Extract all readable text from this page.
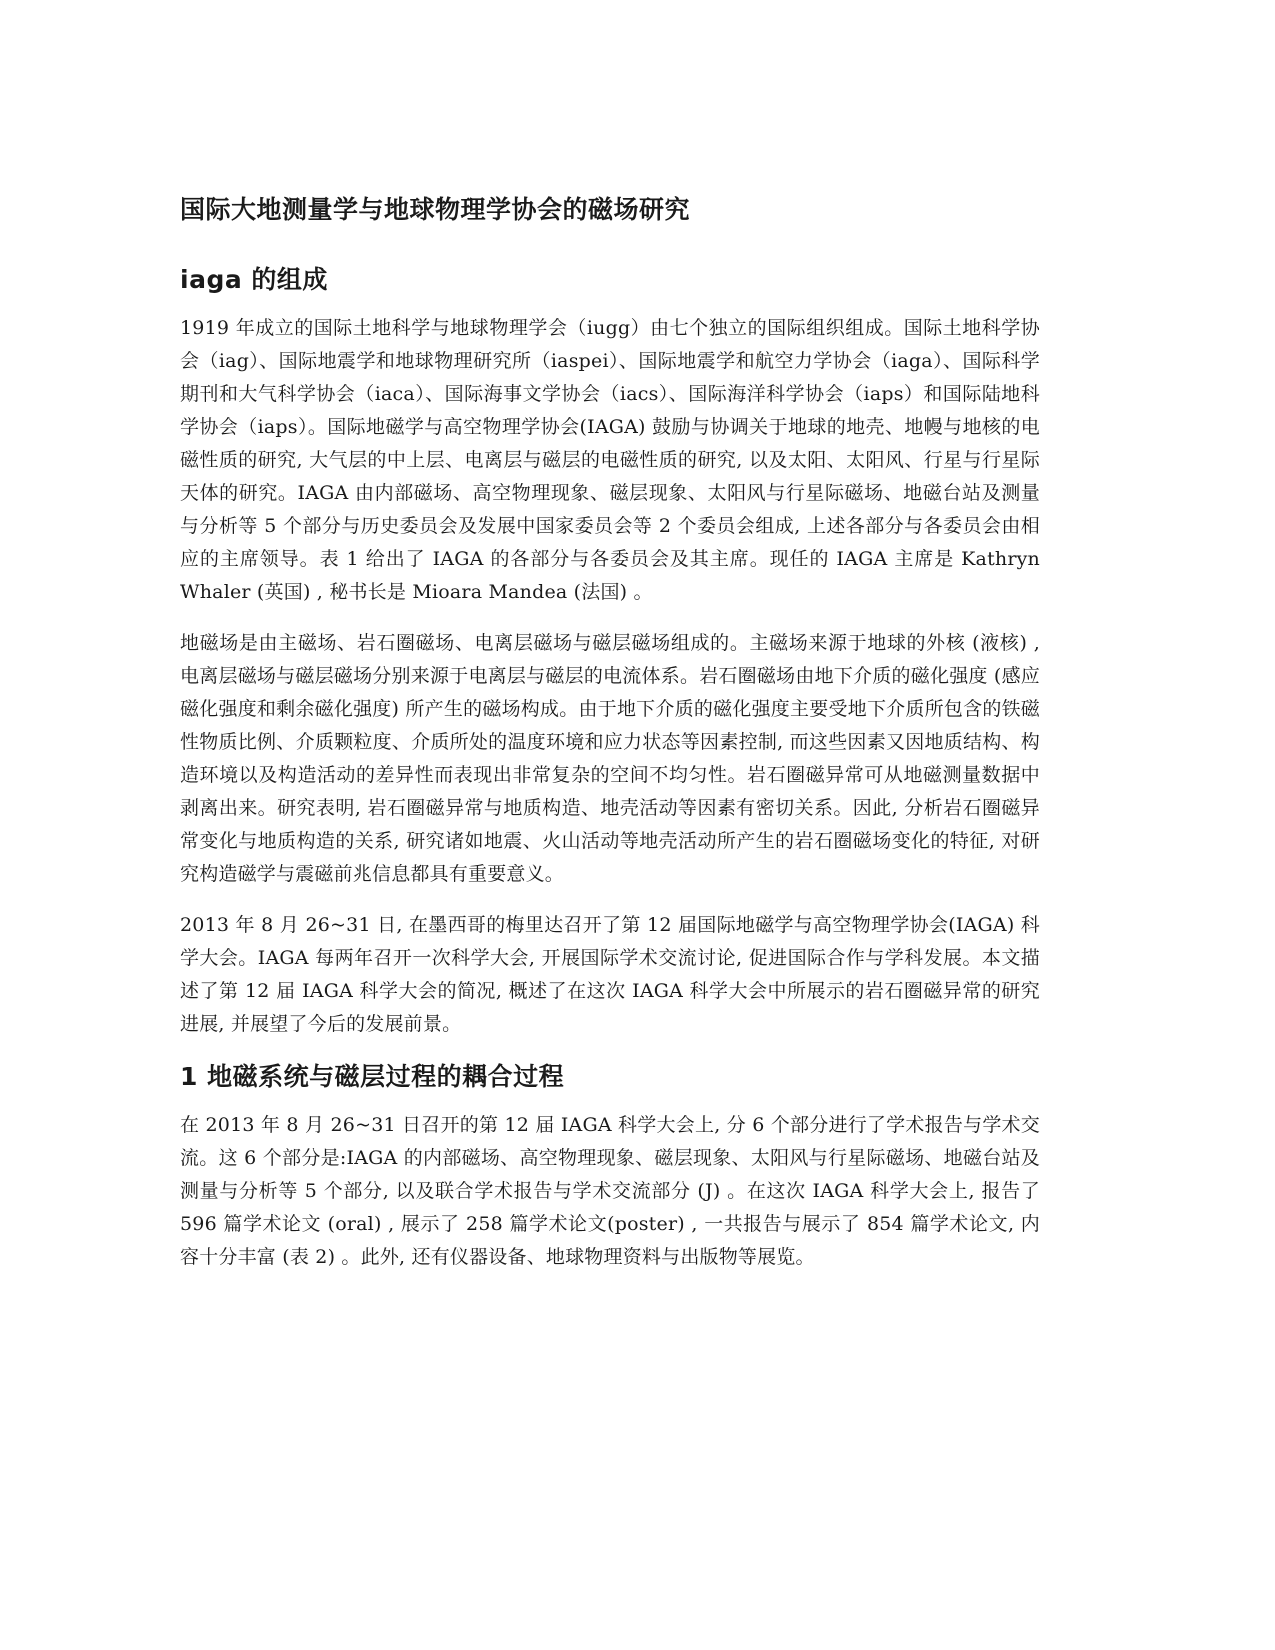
国际大地测量学与地球物理学协会的磁场研究
iaga 的组成

1919 年成立的国际土地科学与地球物理学会（iugg）由七个独立的国际组织组成。国际土地科学协会（iag）、国际地震学和地球物理研究所（iaspei）、国际地震学和航空力学协会（iaga）、国际科学期刊和大气科学协会（iaca）、国际海事文学协会（iacs）、国际海洋科学协会（iaps）和国际陆地科学协会（iaps）。国际地磁学与高空物理学协会(IAGA) 鼓励与协调关于地球的地壳、地幔与地核的电磁性质的研究, 大气层的中上层、电离层与磁层的电磁性质的研究, 以及太阳、太阳风、行星与行星际天体的研究。IAGA 由内部磁场、高空物理现象、磁层现象、太阳风与行星际磁场、地磁台站及测量与分析等 5 个部分与历史委员会及发展中国家委员会等 2 个委员会组成, 上述各部分与各委员会由相应的主席领导。表 1 给出了 IAGA 的各部分与各委员会及其主席。现任的 IAGA 主席是 Kathryn Whaler (英国) , 秘书长是 Mioara Mandea (法国) 。

地磁场是由主磁场、岩石圈磁场、电离层磁场与磁层磁场组成的。主磁场来源于地球的外核 (液核) , 电离层磁场与磁层磁场分别来源于电离层与磁层的电流体系。岩石圈磁场由地下介质的磁化强度 (感应磁化强度和剩余磁化强度) 所产生的磁场构成。由于地下介质的磁化强度主要受地下介质所包含的铁磁性物质比例、介质颗粒度、介质所处的温度环境和应力状态等因素控制, 而这些因素又因地质结构、构造环境以及构造活动的差异性而表现出非常复杂的空间不均匀性。岩石圈磁异常可从地磁测量数据中剥离出来。研究表明, 岩石圈磁异常与地质构造、地壳活动等因素有密切关系。因此, 分析岩石圈磁异常变化与地质构造的关系, 研究诸如地震、火山活动等地壳活动所产生的岩石圈磁场变化的特征, 对研究构造磁学与震磁前兆信息都具有重要意义。

2013 年 8 月 26~31 日, 在墨西哥的梅里达召开了第 12 届国际地磁学与高空物理学协会(IAGA) 科学大会。IAGA 每两年召开一次科学大会, 开展国际学术交流讨论, 促进国际合作与学科发展。本文描述了第 12 届 IAGA 科学大会的简况, 概述了在这次 IAGA 科学大会中所展示的岩石圈磁异常的研究进展, 并展望了今后的发展前景。

1 地磁系统与磁层过程的耦合过程

在 2013 年 8 月 26~31 日召开的第 12 届 IAGA 科学大会上, 分 6 个部分进行了学术报告与学术交流。这 6 个部分是:IAGA 的内部磁场、高空物理现象、磁层现象、太阳风与行星际磁场、地磁台站及测量与分析等 5 个部分, 以及联合学术报告与学术交流部分 (J) 。在这次 IAGA 科学大会上, 报告了 596 篇学术论文 (oral) , 展示了 258 篇学术论文(poster) , 一共报告与展示了 854 篇学术论文, 内容十分丰富 (表 2) 。此外, 还有仪器设备、地球物理资料与出版物等展览。
